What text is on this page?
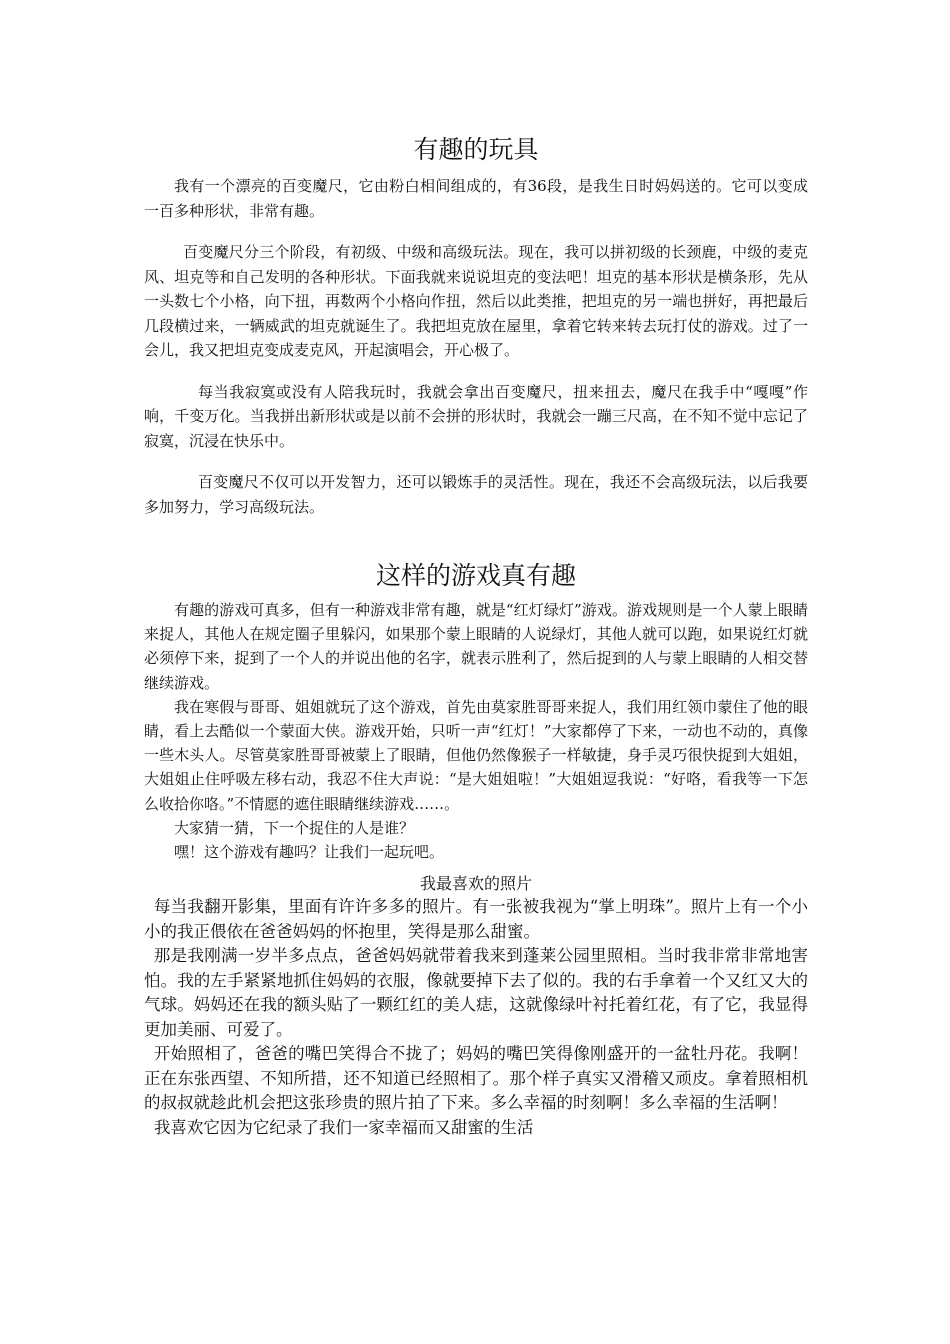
有趣的玩具

我有一个漂亮的百变魔尺，它由粉白相间组成的，有36段，是我生日时妈妈送的。它可以变成一百多种形状，非常有趣。

百变魔尺分三个阶段，有初级、中级和高级玩法。现在，我可以拼初级的长颈鹿，中级的麦克风、坦克等和自己发明的各种形状。下面我就来说说坦克的变法吧！坦克的基本形状是横条形，先从一头数七个小格，向下扭，再数两个小格向作扭，然后以此类推，把坦克的另一端也拼好，再把最后几段横过来，一辆威武的坦克就诞生了。我把坦克放在屋里，拿着它转来转去玩打仗的游戏。过了一会儿，我又把坦克变成麦克风，开起演唱会，开心极了。

每当我寂寞或没有人陪我玩时，我就会拿出百变魔尺，扭来扭去，魔尺在我手中“嘎嘎”作响，千变万化。当我拼出新形状或是以前不会拼的形状时，我就会一蹦三尺高，在不知不觉中忘记了寂寞，沉浸在快乐中。

百变魔尺不仅可以开发智力，还可以锻炼手的灵活性。现在，我还不会高级玩法，以后我要多加努力，学习高级玩法。

这样的游戏真有趣

有趣的游戏可真多，但有一种游戏非常有趣，就是“红灯绿灯”游戏。游戏规则是一个人蒙上眼睛来捉人，其他人在规定圈子里躲闪，如果那个蒙上眼睛的人说绿灯，其他人就可以跑，如果说红灯就必须停下来，捉到了一个人的并说出他的名字，就表示胜利了，然后捉到的人与蒙上眼睛的人相交替继续游戏。

我在寒假与哥哥、姐姐就玩了这个游戏，首先由莫家胜哥哥来捉人，我们用红领巾蒙住了他的眼睛，看上去酷似一个蒙面大侠。游戏开始，只听一声“红灯！”大家都停了下来，一动也不动的，真像一些木头人。尽管莫家胜哥哥被蒙上了眼睛，但他仍然像猴子一样敏捷，身手灵巧很快捉到大姐姐，大姐姐止住呼吸左移右动，我忍不住大声说：“是大姐姐啦！”大姐姐逗我说：“好咯，看我等一下怎么收拾你咯。”不情愿的遮住眼睛继续游戏……。

大家猜一猜，下一个捉住的人是谁？

嘿！这个游戏有趣吗？让我们一起玩吧。

我最喜欢的照片

每当我翻开影集，里面有许许多多的照片。有一张被我视为“掌上明珠”。照片上有一个小小的我正偎依在爸爸妈妈的怀抱里，笑得是那么甜蜜。

那是我刚满一岁半多点点，爸爸妈妈就带着我来到蓬莱公园里照相。当时我非常非常地害怕。我的左手紧紧地抓住妈妈的衣服，像就要掉下去了似的。我的右手拿着一个又红又大的气球。妈妈还在我的额头贴了一颗红红的美人痣，这就像绿叶衬托着红花，有了它，我显得更加美丽、可爱了。

开始照相了，爸爸的嘴巴笑得合不拢了；妈妈的嘴巴笑得像刚盛开的一盆牡丹花。我啊！正在东张西望、不知所措，还不知道已经照相了。那个样子真实又滑稽又顽皮。拿着照相机的叔叔就趁此机会把这张珍贵的照片拍了下来。多么幸福的时刻啊！多么幸福的生活啊！

我喜欢它因为它纪录了我们一家幸福而又甜蜜的生活
